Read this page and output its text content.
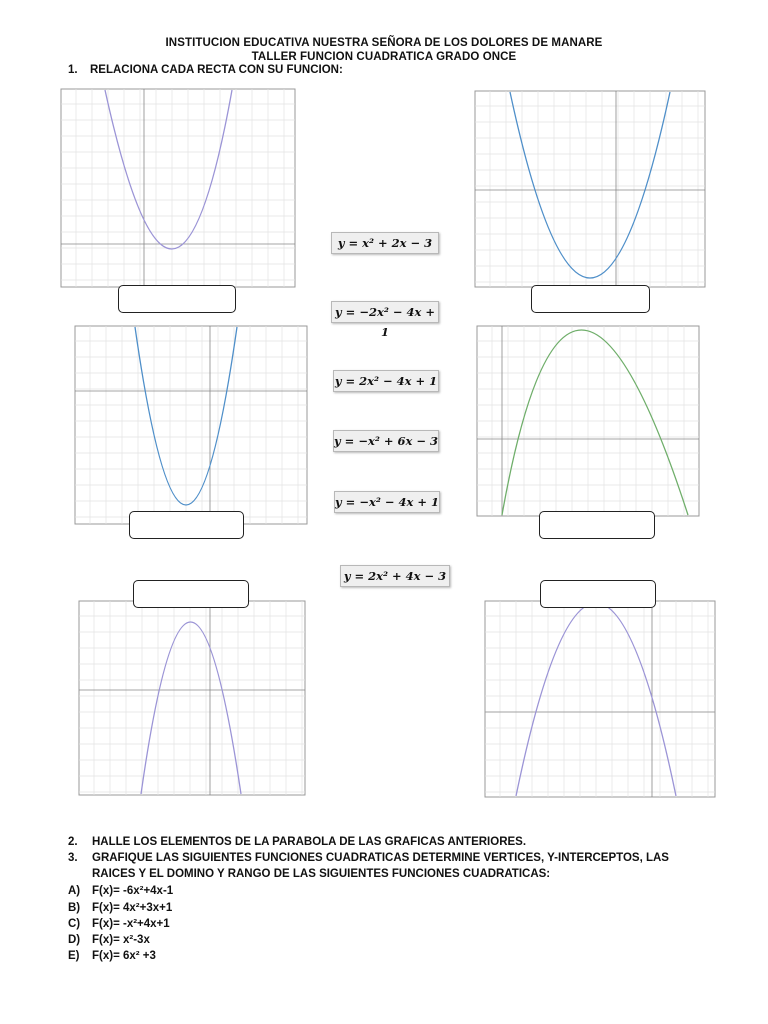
INSTITUCION EDUCATIVA NUESTRA SEÑORA DE LOS DOLORES DE MANARE
TALLER FUNCION CUADRATICA GRADO ONCE
1. RELACIONA CADA RECTA CON SU FUNCION:
y = x² + 2x − 3
y = −2x² − 4x + 1
y = 2x² − 4x + 1
y = −x² + 6x − 3
y = −x² − 4x + 1
y = 2x² + 4x − 3
2. HALLE LOS ELEMENTOS DE LA PARABOLA DE LAS GRAFICAS ANTERIORES.
3. GRAFIQUE LAS SIGUIENTES FUNCIONES CUADRATICAS DETERMINE VERTICES, Y-INTERCEPTOS, LAS
RAICES Y EL DOMINO Y RANGO DE LAS SIGUIENTES FUNCIONES CUADRATICAS:
A) F(x)= -6x²+4x-1
B) F(x)= 4x²+3x+1
C) F(x)= -x²+4x+1
D) F(x)= x²-3x
E) F(x)= 6x² +3
